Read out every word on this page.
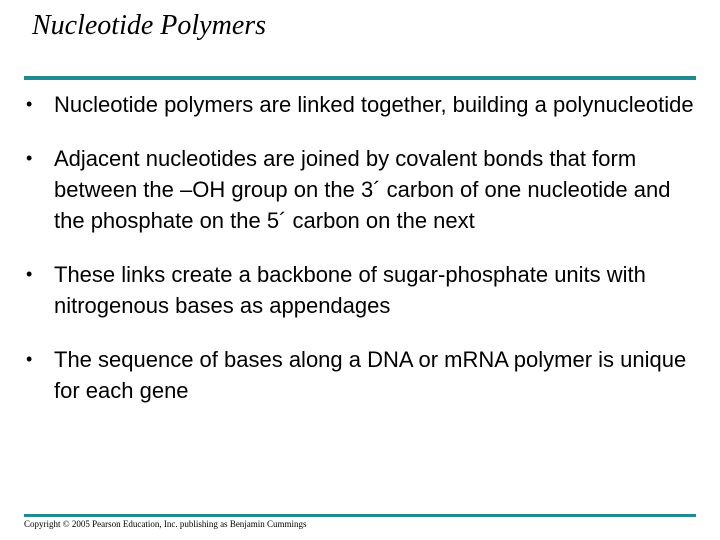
Nucleotide Polymers
• Nucleotide polymers are linked together, building a polynucleotide
• Adjacent nucleotides are joined by covalent bonds that form between the –OH group on the 3´ carbon of one nucleotide and the phosphate on the 5´ carbon on the next
• These links create a backbone of sugar-phosphate units with nitrogenous bases as appendages
• The sequence of bases along a DNA or mRNA polymer is unique for each gene
Copyright © 2005 Pearson Education, Inc. publishing as Benjamin Cummings
